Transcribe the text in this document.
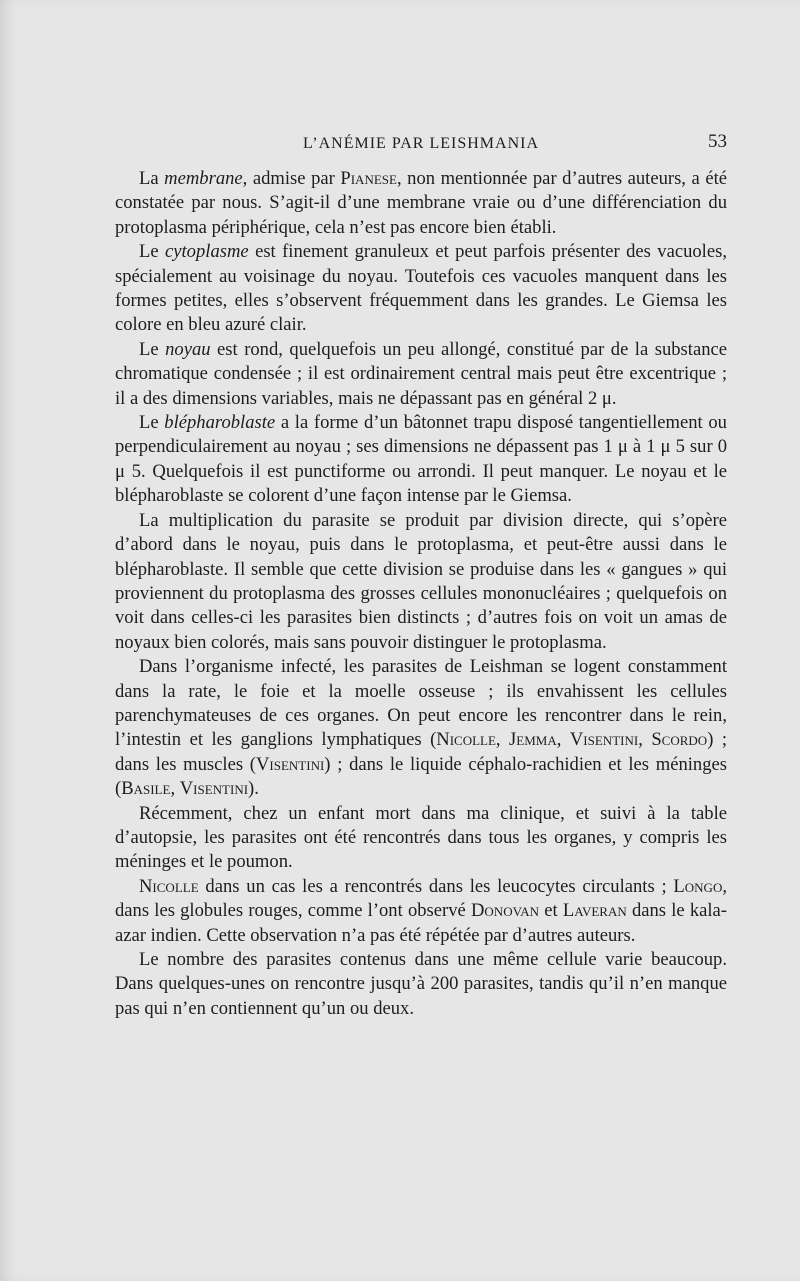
L’ANÉMIE PAR LEISHMANIA	53

La membrane, admise par Pianese, non mentionnée par d’autres auteurs, a été constatée par nous. S’agit-il d’une membrane vraie ou d’une différenciation du protoplasma périphérique, cela n’est pas encore bien établi.

Le cytoplasme est finement granuleux et peut parfois présenter des vacuoles, spécialement au voisinage du noyau. Toutefois ces vacuoles manquent dans les formes petites, elles s’observent fréquemment dans les grandes. Le Giemsa les colore en bleu azuré clair.

Le noyau est rond, quelquefois un peu allongé, constitué par de la substance chromatique condensée ; il est ordinairement central mais peut être excentrique ; il a des dimensions variables, mais ne dépassant pas en général 2 μ.

Le blépharoblaste a la forme d’un bâtonnet trapu disposé tangentiellement ou perpendiculairement au noyau ; ses dimensions ne dépassent pas 1 μ à 1 μ 5 sur 0 μ 5. Quelquefois il est punctiforme ou arrondi. Il peut manquer. Le noyau et le blépharoblaste se colorent d’une façon intense par le Giemsa.

La multiplication du parasite se produit par division directe, qui s’opère d’abord dans le noyau, puis dans le protoplasma, et peut-être aussi dans le blépharoblaste. Il semble que cette division se produise dans les « gangues » qui proviennent du protoplasma des grosses cellules mononucléaires ; quelquefois on voit dans celles-ci les parasites bien distincts ; d’autres fois on voit un amas de noyaux bien colorés, mais sans pouvoir distinguer le protoplasma.

Dans l’organisme infecté, les parasites de Leishman se logent constamment dans la rate, le foie et la moelle osseuse ; ils envahissent les cellules parenchymateuses de ces organes. On peut encore les rencontrer dans le rein, l’intestin et les ganglions lymphatiques (Nicolle, Jemma, Visentini, Scordo) ; dans les muscles (Visentini) ; dans le liquide céphalo-rachidien et les méninges (Basile, Visentini).

Récemment, chez un enfant mort dans ma clinique, et suivi à la table d’autopsie, les parasites ont été rencontrés dans tous les organes, y compris les méninges et le poumon.

Nicolle dans un cas les a rencontrés dans les leucocytes circulants ; Longo, dans les globules rouges, comme l’ont observé Donovan et Laveran dans le kala-azar indien. Cette observation n’a pas été répétée par d’autres auteurs.

Le nombre des parasites contenus dans une même cellule varie beaucoup. Dans quelques-unes on rencontre jusqu’à 200 parasites, tandis qu’il n’en manque pas qui n’en contiennent qu’un ou deux.
